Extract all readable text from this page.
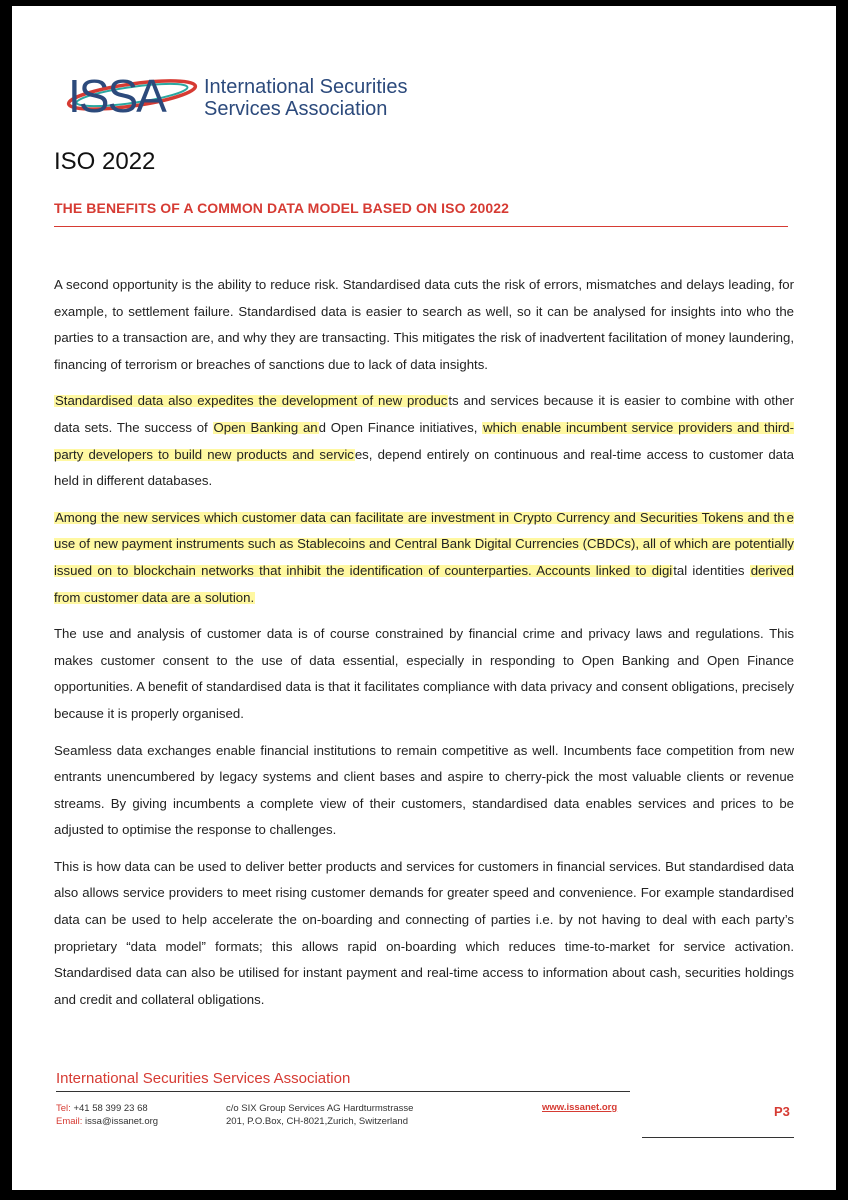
ISSA International Securities
Services Association
ISO 2022
THE BENEFITS OF A COMMON DATA MODEL BASED ON ISO 20022

A second opportunity is the ability to reduce risk. Standardised data cuts the risk of errors, mismatches and delays leading, for example, to settlement failure. Standardised data is easier to search as well, so it can be analysed for insights into who the parties to a transaction are, and why they are transacting. This mitigates the risk of inadvertent facilitation of money laundering, financing of terrorism or breaches of sanctions due to lack of data insights.

Standardised data also expedites the development of new products and services because it is easier to combine with other data sets. The success of Open Banking and Open Finance initiatives, which enable incumbent service providers and third-party developers to build new products and services, depend entirely on continuous and real-time access to customer data held in different databases.

Among the new services which customer data can facilitate are investment in Crypto Currency and Securities Tokens and th e use of new payment instruments such as Stablecoins and Central Bank Digital Currencies (CBDCs), all of which are potentially issued on to blockchain networks that inhibit the identification of counterparties. Accounts linked to digital identities derived from customer data are a solution.

The use and analysis of customer data is of course constrained by financial crime and privacy laws and regulations. This makes customer consent to the use of data essential, especially in responding to Open Banking and Open Finance opportunities. A benefit of standardised data is that it facilitates compliance with data privacy and consent obligations, precisely because it is properly organised.

Seamless data exchanges enable financial institutions to remain competitive as well. Incumbents face competition from new entrants unencumbered by legacy systems and client bases and aspire to cherry-pick the most valuable clients or revenue streams. By giving incumbents a complete view of their customers, standardised data enables services and prices to be adjusted to optimise the response to challenges.

This is how data can be used to deliver better products and services for customers in financial services. But standardised data also allows service providers to meet rising customer demands for greater speed and convenience. For example standardised data can be used to help accelerate the on-boarding and connecting of parties i.e. by not having to deal with each party’s proprietary “data model” formats; this allows rapid on-boarding which reduces time-to-market for service activation. Standardised data can also be utilised for instant payment and real-time access to information about cash, securities holdings and credit and collateral obligations.

International Securities Services Association
Tel: +41 58 399 23 68
Email: issa@issanet.org
c/o SIX Group Services AG Hardturmstrasse
201, P.O.Box, CH-8021,Zurich, Switzerland
www.issanet.org	P3
